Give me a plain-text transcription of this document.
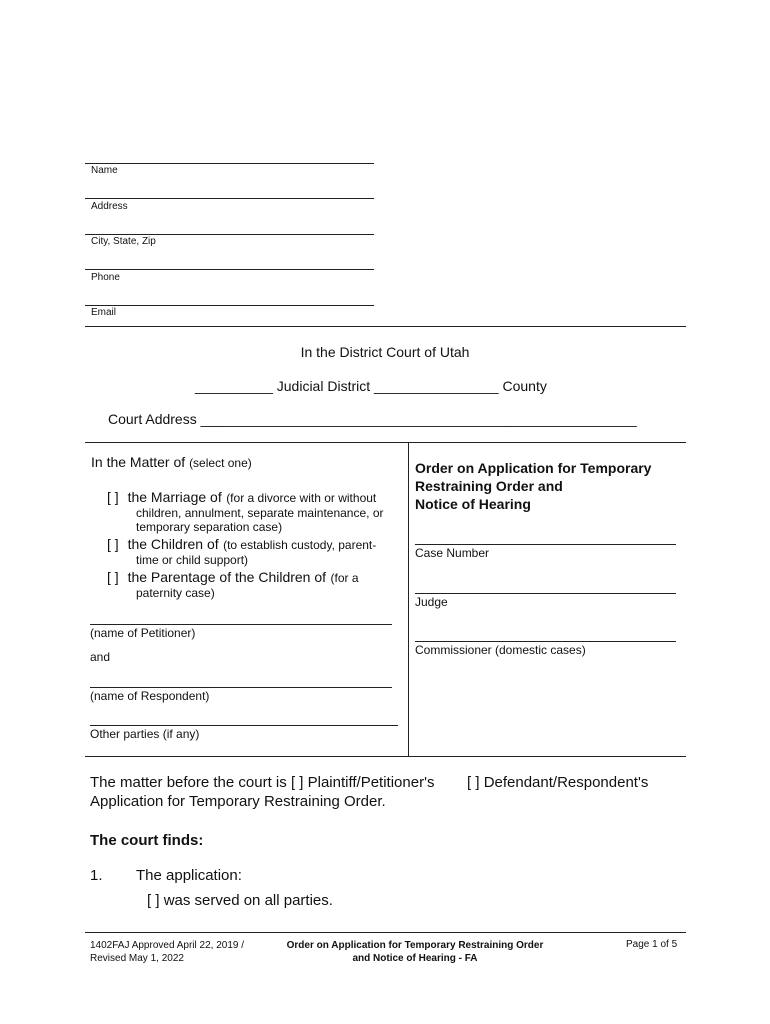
Name
Address
City, State, Zip
Phone
Email
In the District Court of Utah
__________ Judicial District ________________ County
Court Address ________________________________________________________
In the Matter of (select one)
[ ] the Marriage of (for a divorce with or without
children, annulment, separate maintenance, or
temporary separation case)
[ ] the Children of (to establish custody, parent-
time or child support)
[ ] the Parentage of the Children of (for a
paternity case)
(name of Petitioner)
and
(name of Respondent)
Other parties (if any)
Order on Application for Temporary
Restraining Order and
Notice of Hearing
Case Number
Judge
Commissioner (domestic cases)
The matter before the court is [ ] Plaintiff/Petitioner's [ ] Defendant/Respondent's
Application for Temporary Restraining Order.
The court finds:
1. The application:
[ ] was served on all parties.
1402FAJ Approved April 22, 2019 /
Revised May 1, 2022
Order on Application for Temporary Restraining Order
and Notice of Hearing - FA
Page 1 of 5
